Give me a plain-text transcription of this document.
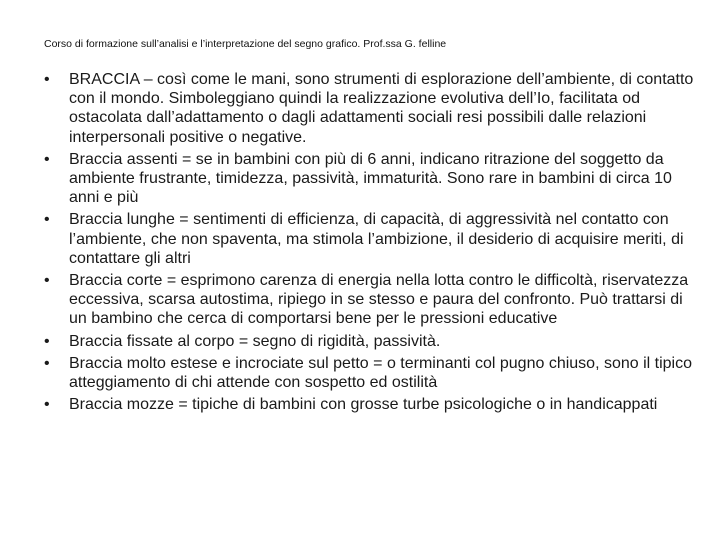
Corso di formazione sull’analisi e l’interpretazione del segno grafico. Prof.ssa G. felline
•	BRACCIA – così come le mani, sono strumenti di esplorazione dell’ambiente, di contatto con il mondo. Simboleggiano quindi la realizzazione evolutiva dell’Io, facilitata od ostacolata dall’adattamento o dagli adattamenti sociali resi possibili dalle relazioni interpersonali positive o negative.
•	Braccia assenti = se in bambini con più di 6 anni, indicano ritrazione del soggetto da ambiente frustrante, timidezza, passività, immaturità. Sono rare in bambini di circa 10 anni e più
•	Braccia lunghe = sentimenti di efficienza, di capacità, di aggressività nel contatto con l’ambiente, che non spaventa, ma stimola l’ambizione, il desiderio di acquisire meriti, di contattare gli altri
•	Braccia corte = esprimono carenza di energia nella lotta contro le difficoltà, riservatezza eccessiva, scarsa autostima, ripiego in se stesso e paura del confronto. Può trattarsi di un bambino che cerca di comportarsi bene per le pressioni educative
•	Braccia fissate al corpo = segno di rigidità, passività.
•	Braccia molto estese e incrociate sul petto = o terminanti col pugno chiuso, sono il tipico atteggiamento di chi attende con sospetto ed ostilità
•	Braccia mozze = tipiche di bambini con grosse turbe psicologiche o in handicappati
